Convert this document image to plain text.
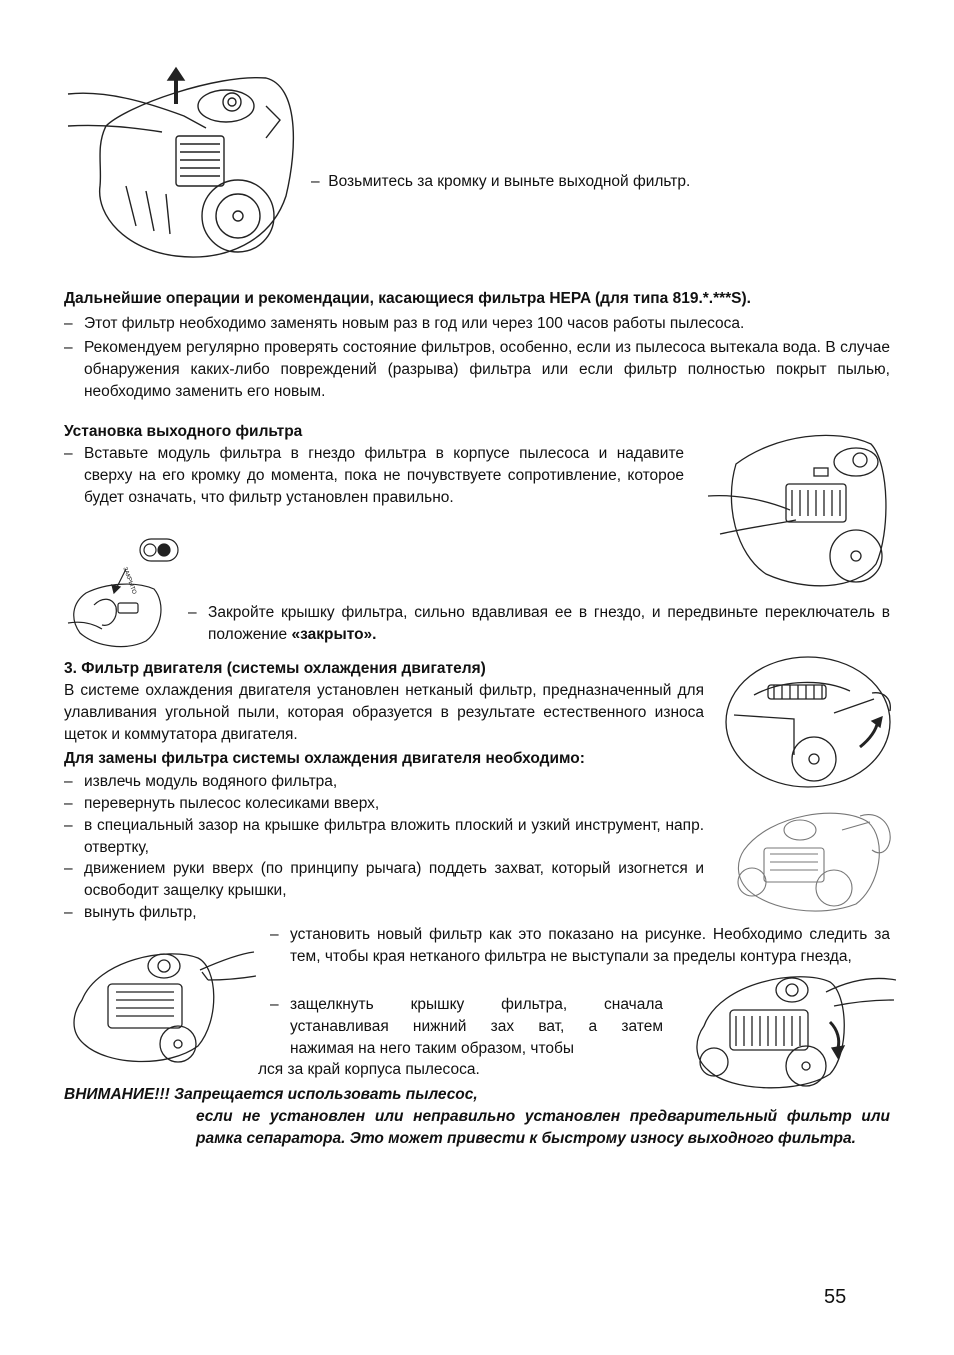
– Возьмитесь за кромку и выньте выходной фильтр.
Дальнейшие операции и рекомендации, касающиеся фильтра HEPA (для типа 819.*.***S).
– Этот фильтр необходимо заменять новым раз в год или через 100 часов работы пылесоса.
– Рекомендуем регулярно проверять состояние фильтров, особенно, если из пылесоса вытекала вода. В случае обнаружения каких-либо повреждений (разрыва) фильтра или если фильтр полностью покрыт пылью, необходимо заменить его новым.
Установка выходного фильтра
– Вставьте модуль фильтра в гнездо фильтра в корпусе пылесоса и надавите сверху на его кромку до момента, пока не почувствуете сопротивление, которое будет означать, что фильтр установлен правильно.
ЗАКРЫТО
– Закройте крышку фильтра, сильно вдавливая ее в гнездо, и передвиньте переключатель в положение «закрыто».
3. Фильтр двигателя (системы охлаждения двигателя)
В системе охлаждения двигателя установлен нетканый фильтр, предназначенный для улавливания угольной пыли, которая образуется в результате естественного износа щеток и коммутатора двигателя.
Для замены фильтра системы охлаждения двигателя необходимо:
– извлечь модуль водяного фильтра,
– перевернуть пылесос колесиками вверх,
– в специальный зазор на крышке фильтра вложить плоский и узкий инструмент, напр. отвертку,
– движением руки вверх (по принципу рычага) поддеть захват, который изогнется и освободит защелку крышки,
– вынуть фильтр,
– установить новый фильтр как это показано на рисунке. Необходимо следить за тем, чтобы края нетканого фильтра не выступали за пределы контура гнезда,
– защелкнуть крышку фильтра, сначала
устанавливая нижний зах ват, а затем
нажимая на него таким образом, чтобы
лся за край корпуса пылесоса.
ВНИМАНИЕ!!! Запрещается использовать пылесос,
если не установлен или неправильно установлен предварительный фильтр или рамка сепаратора. Это может привести к быстрому износу выходного фильтра.
55
